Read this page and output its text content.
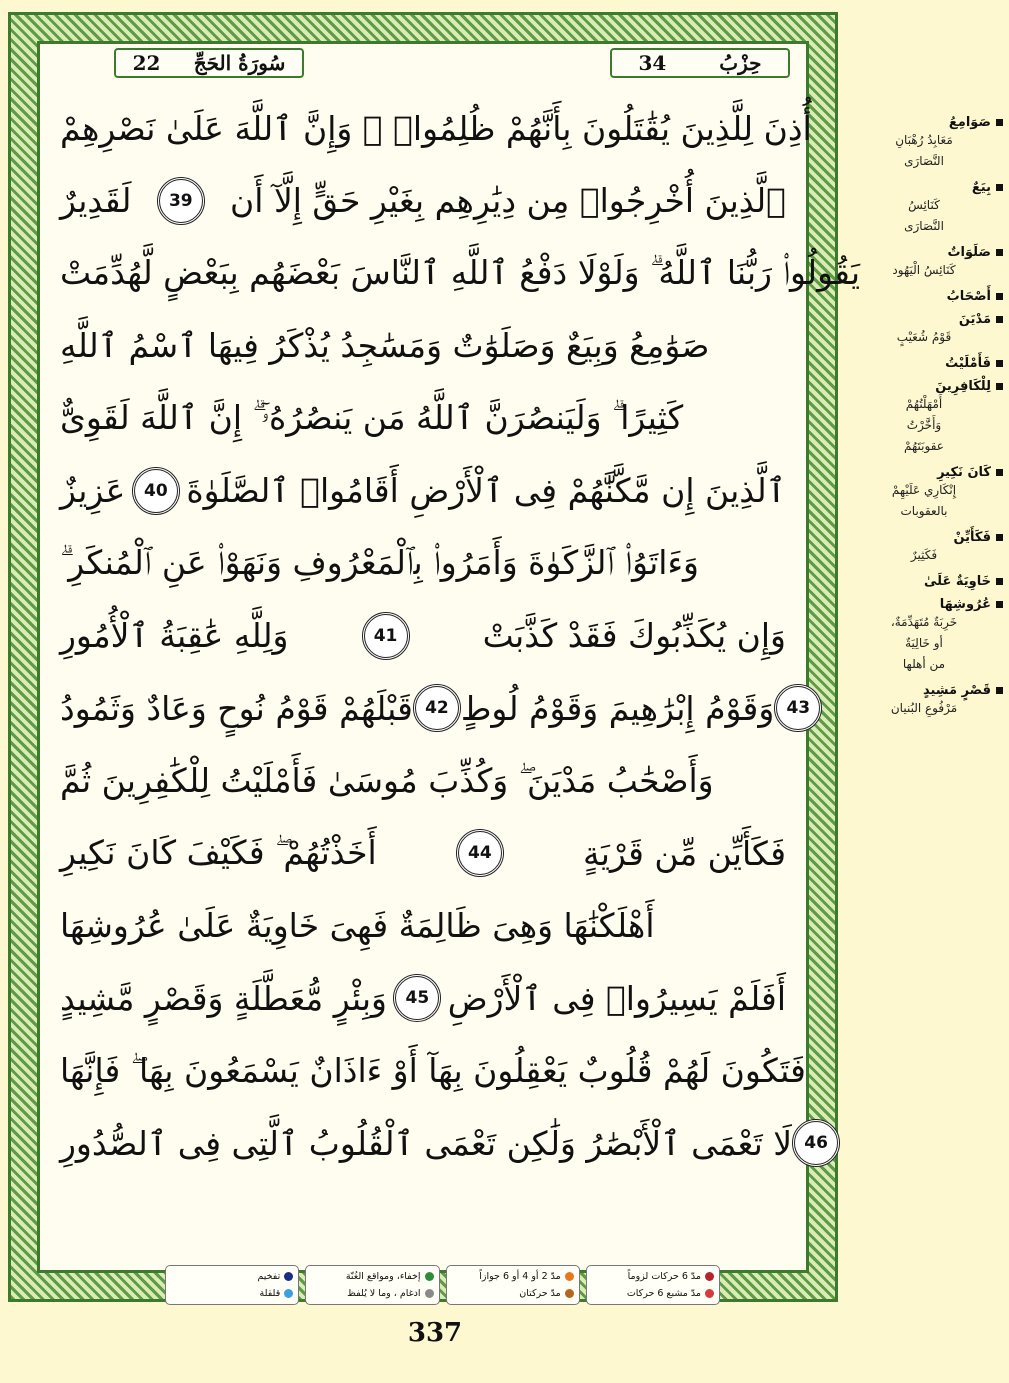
22 سُورَةُ الحَجِّ	34	حِزْبُ
أُذِنَ لِلَّذِينَ يُقَٰتَلُونَ بِأَنَّهُمْ ظُلِمُوا۟ ۚ وَإِنَّ ٱللَّهَ عَلَىٰ نَصْرِهِمْ
لَقَدِيرٌ	39	ٱلَّذِينَ أُخْرِجُوا۟ مِن دِيَٰرِهِم بِغَيْرِ حَقٍّ إِلَّآ أَن
يَقُولُوا۟ رَبُّنَا ٱللَّهُ ۗ وَلَوْلَا دَفْعُ ٱللَّهِ ٱلنَّاسَ بَعْضَهُم بِبَعْضٍ لَّهُدِّمَتْ
صَوَٰمِعُ وَبِيَعٌ وَصَلَوَٰتٌ وَمَسَٰجِدُ يُذْكَرُ فِيهَا ٱسْمُ ٱللَّهِ
كَثِيرًا ۗ وَلَيَنصُرَنَّ ٱللَّهُ مَن يَنصُرُهُۥٓ ۗ إِنَّ ٱللَّهَ لَقَوِىٌّ
عَزِيزٌ	40 ٱلَّذِينَ إِن مَّكَّنَّٰهُمْ فِى ٱلْأَرْضِ أَقَامُوا۟ ٱلصَّلَوٰةَ
وَءَاتَوُا۟ ٱلزَّكَوٰةَ وَأَمَرُوا۟ بِٱلْمَعْرُوفِ وَنَهَوْا۟ عَنِ ٱلْمُنكَرِ ۗ
وَلِلَّهِ عَٰقِبَةُ ٱلْأُمُورِ	41	وَإِن يُكَذِّبُوكَ فَقَدْ كَذَّبَتْ
قَبْلَهُمْ قَوْمُ نُوحٍ وَعَادٌ وَثَمُودُ 42 وَقَوْمُ إِبْرَٰهِيمَ وَقَوْمُ لُوطٍ 43
وَأَصْحَٰبُ مَدْيَنَ ۖ وَكُذِّبَ مُوسَىٰ فَأَمْلَيْتُ لِلْكَٰفِرِينَ ثُمَّ
أَخَذْتُهُمْ ۖ فَكَيْفَ كَانَ نَكِيرِ	44	فَكَأَيِّن مِّن قَرْيَةٍ
أَهْلَكْنَٰهَا وَهِىَ ظَالِمَةٌ فَهِىَ خَاوِيَةٌ عَلَىٰ عُرُوشِهَا
وَبِئْرٍ مُّعَطَّلَةٍ وَقَصْرٍ مَّشِيدٍ	45 أَفَلَمْ يَسِيرُوا۟ فِى ٱلْأَرْضِ
فَتَكُونَ لَهُمْ قُلُوبٌ يَعْقِلُونَ بِهَآ أَوْ ءَاذَانٌ يَسْمَعُونَ بِهَا ۖ فَإِنَّهَا
لَا تَعْمَى ٱلْأَبْصَٰرُ وَلَٰكِن تَعْمَى ٱلْقُلُوبُ ٱلَّتِى فِى ٱلصُّدُورِ 46
صَوَامِعُ
مَعَابِدُ رُهْبَانِ
النَّصَارَى
بِيَعٌ
كَنَائِسُ
النَّصَارَى
صَلَوَاتٌ
كَنَائِسُ الْيَهُود
أَصْحَابُ
مَدْيَنَ
قَوْمُ شُعَيْبٍ
فَأَمْلَيْتُ
لِلْكَافِرِينَ
أَمْهَلْتُهُمْ
وَأَخَّرْتُ
عقوبَتَهُمْ
كَانَ نَكِيرِ
إِنْكَارِي عَلَيْهِمْ
بالعقوبات
فَكَأَيِّنْ
فَكَثِيرٌ
خَاوِيَةٌ عَلَىٰ
عُرُوشِهَا
خَرِبَةٌ مُتَهَدِّمَةٌ،
أو خَالِيَةٌ
من أهلها
قَصْرٍ مَشِيدٍ
مَرْفُوعِ البُنيان
تفخيم
قلقلة
إخفاء، ومواقع الغُنّة
ادغام ، وما لا يُلفظ
مدّ 2 أو 4 أو 6 جوازاً
مدّ حركتان
مدّ 6 حركات لزوماً
مدّ مشبع 6 حركات
337
